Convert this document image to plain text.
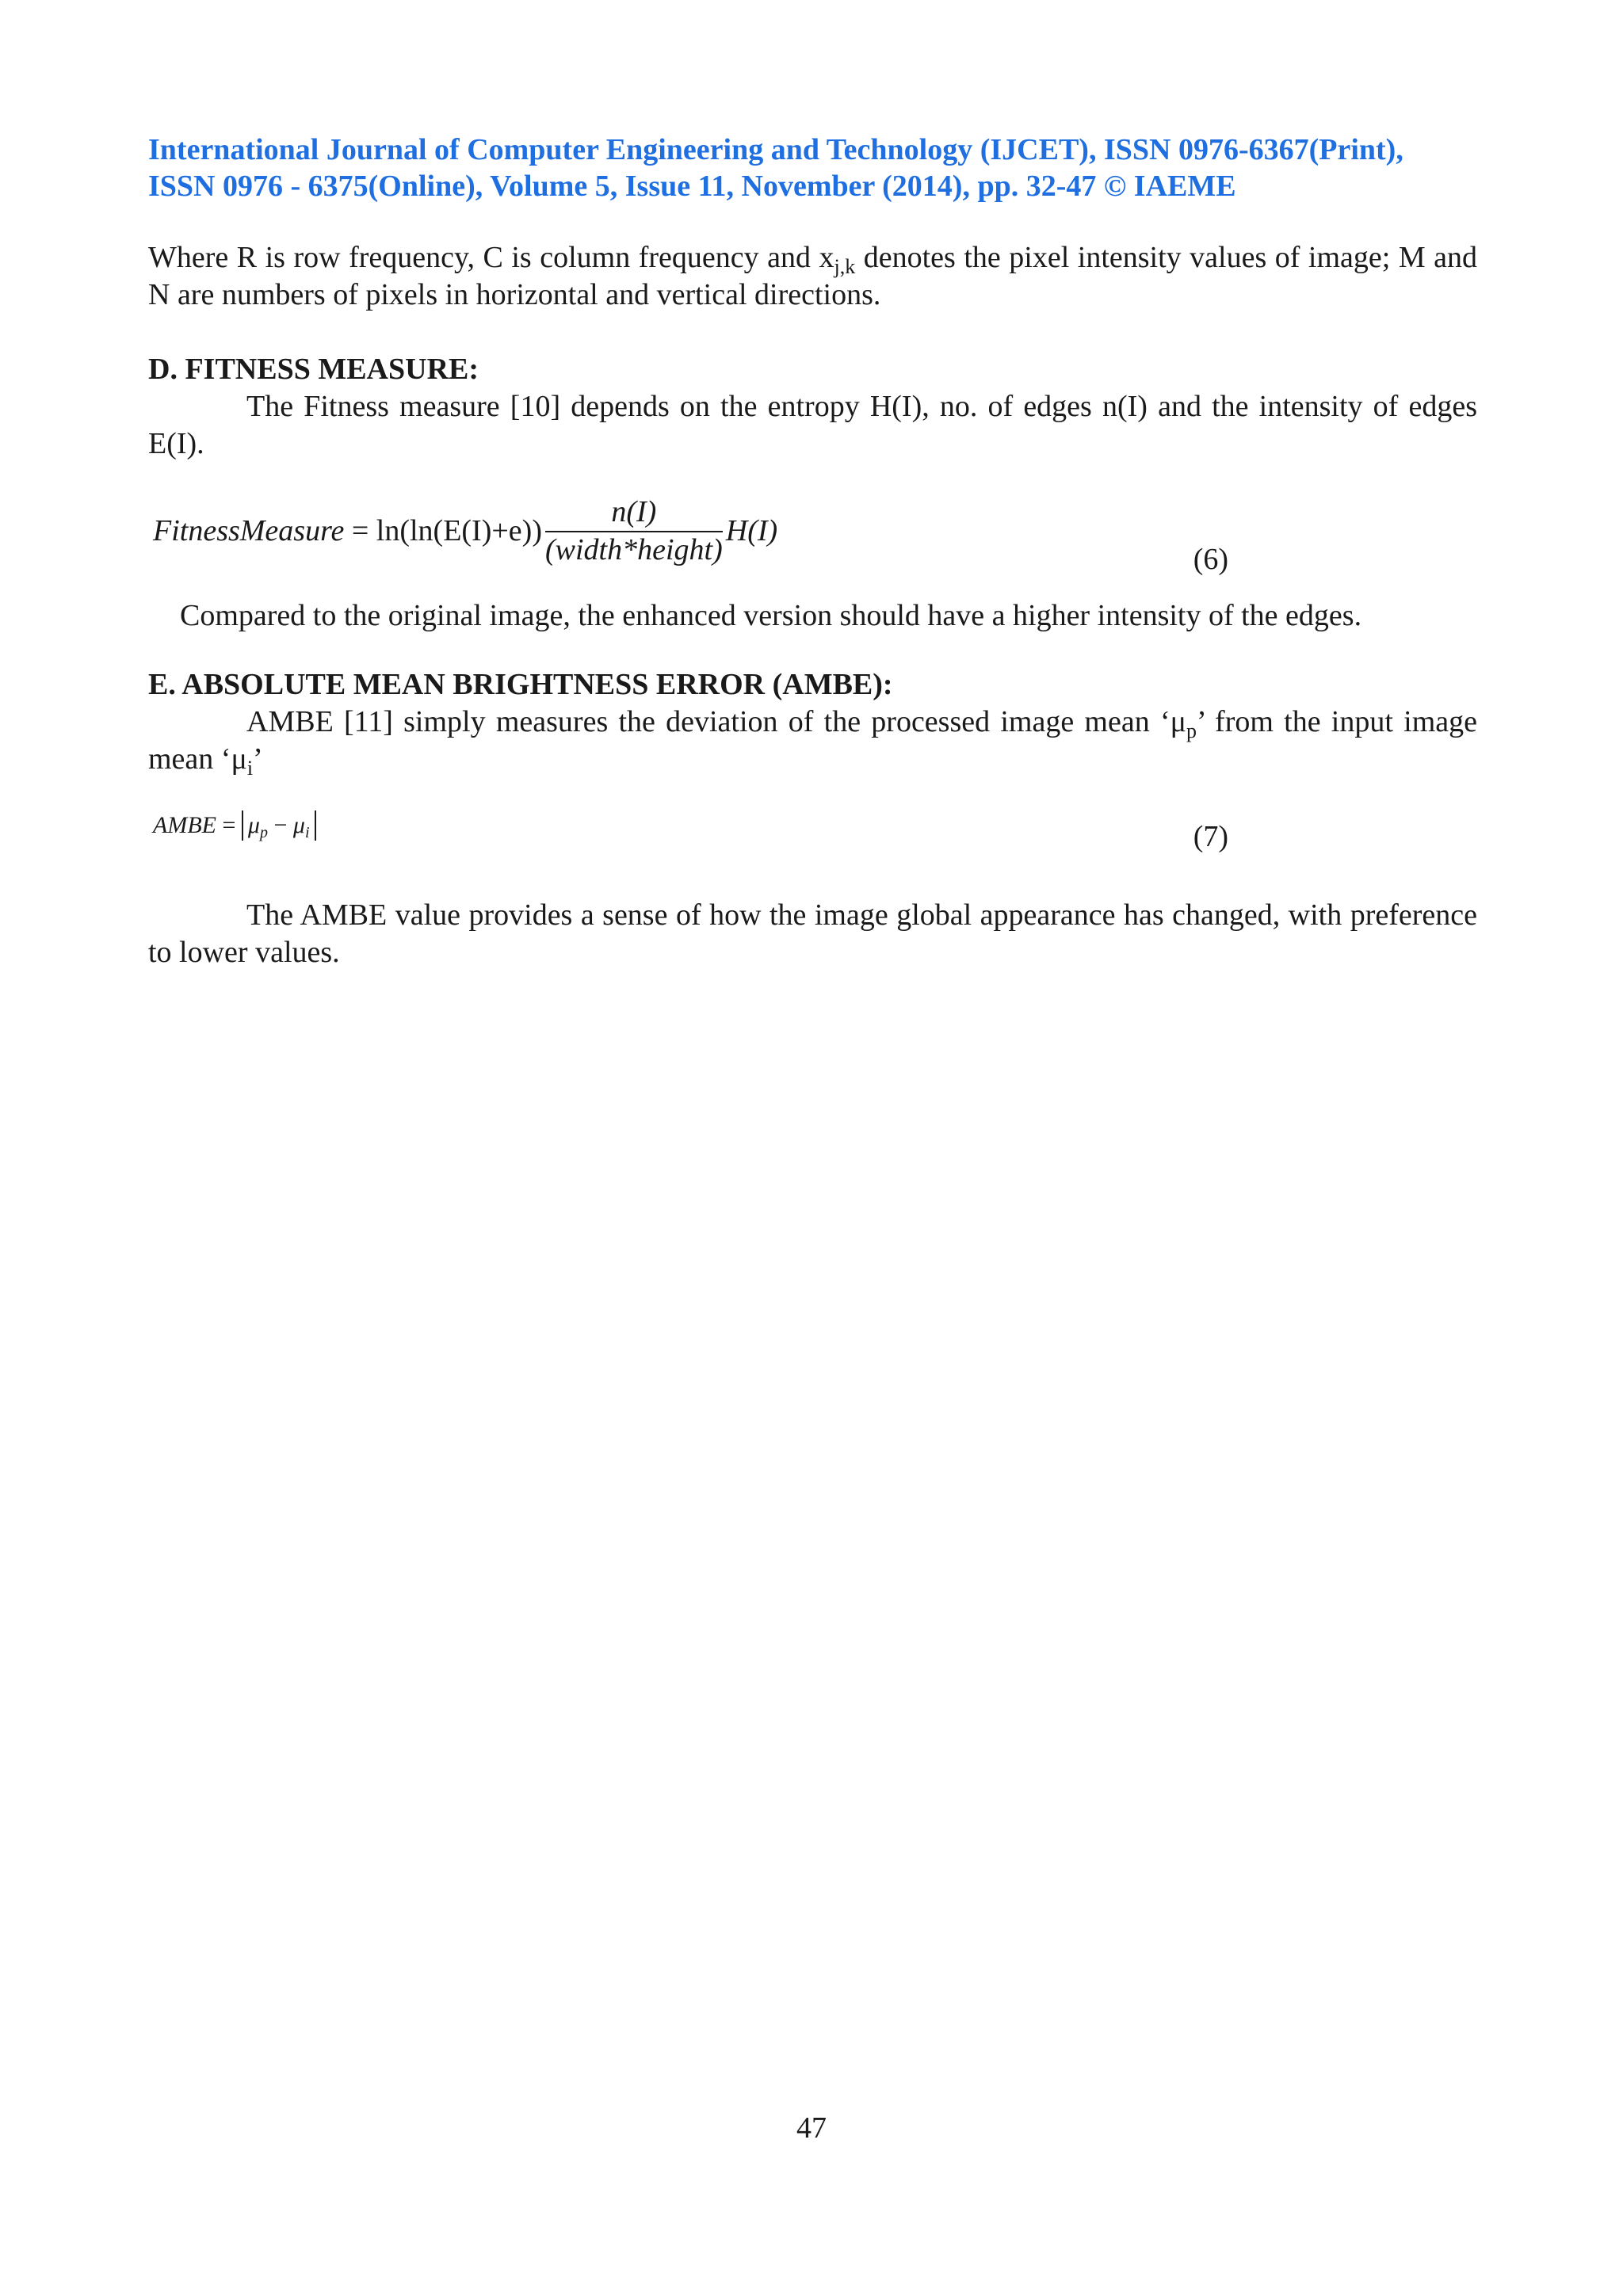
International Journal of Computer Engineering and Technology (IJCET), ISSN 0976-6367(Print),
ISSN 0976 - 6375(Online), Volume 5, Issue 11, November (2014), pp. 32-47 © IAEME

Where R is row frequency, C is column frequency and $x_{j,k}$ denotes the pixel intensity values of image; M and N are numbers of pixels in horizontal and vertical directions.

D. FITNESS MEASURE:

The Fitness measure [10] depends on the entropy H(I), no. of edges n(I) and the intensity of edges E(I).

FitnessMeasure = $\ln(\ln(E(I)+e)) \frac{n(I)}{\text{(width*height)}} H(I)$
(6)

Compared to the original image, the enhanced version should have a higher intensity of the edges.

E. ABSOLUTE MEAN BRIGHTNESS ERROR (AMBE):

AMBE [11] simply measures the deviation of the processed image mean ‘$\mu_p$’ from the input image mean ‘$\mu_i$’

AMBE = $\mu_p - \mu_i$	(7)

The AMBE value provides a sense of how the image global appearance has changed, with preference to lower values.

47
